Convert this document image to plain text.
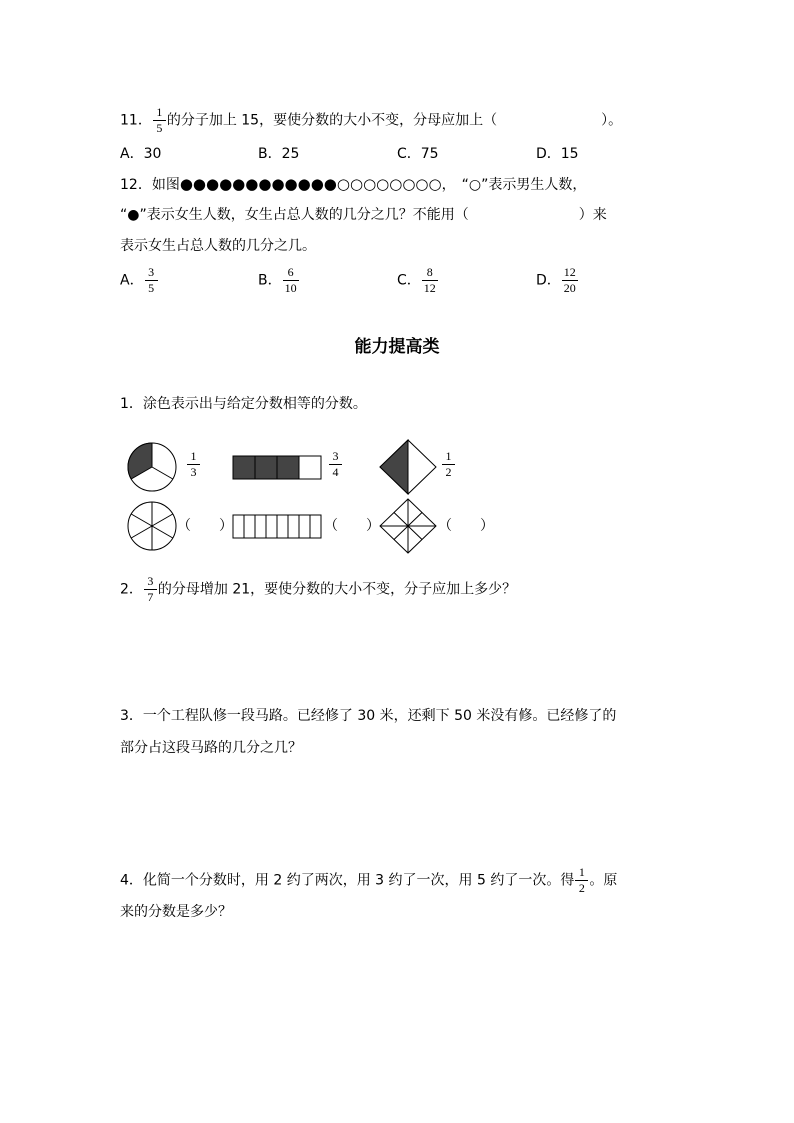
11． $\frac{1}{5}$ 的分子加上 15，要使分数的大小不变，分母应加上（	）。
A．30	B．25	C．75	D．15
12．如图●●●●●●●●●●●●○○○○○○○○， “○”表示男生人数，
“●”表示女生人数，女生占总人数的几分之几？不能用（	）来
表示女生占总人数的几分之几。
A． $\frac{3}{5}$	B． $\frac{6}{10}$	C． $\frac{8}{12}$	D． $\frac{12}{20}$
能力提高类
1．涂色表示出与给定分数相等的分数。
1
3
3
4
1
2
（　　）	（　　）	（　　）
2． $\frac{3}{7}$ 的分母增加 21，要使分数的大小不变，分子应加上多少？
3．一个工程队修一段马路。已经修了 30 米，还剩下 50 米没有修。已经修了的
部分占这段马路的几分之几？
4．化简一个分数时，用 2 约了两次，用 3 约了一次，用 5 约了一次。得 $\frac{1}{2}$ 。原
来的分数是多少？
